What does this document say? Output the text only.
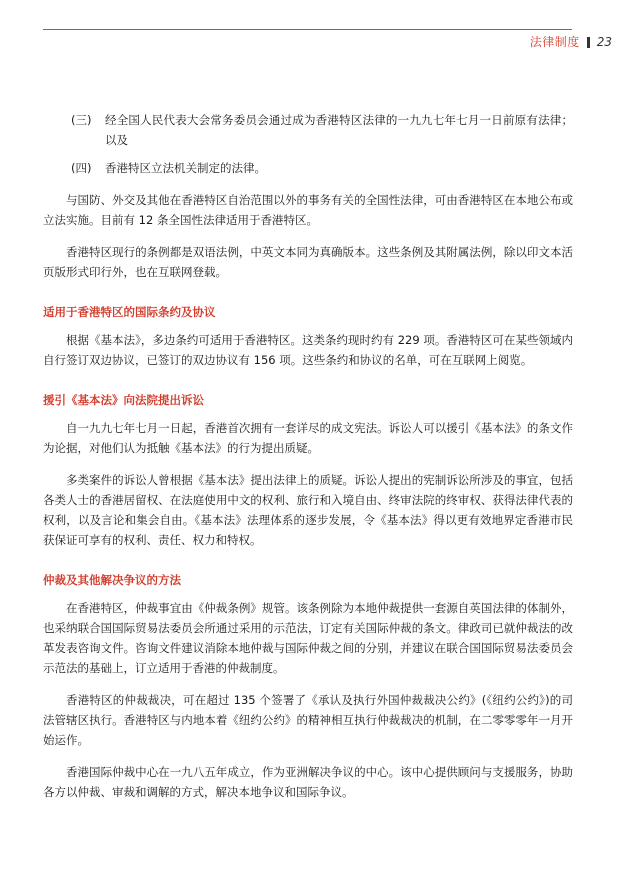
法律制度 23

(三) 经全国人民代表大会常务委员会通过成为香港特区法律的一九九七年七月一日前原有法律；以及

(四) 香港特区立法机关制定的法律。

与国防、外交及其他在香港特区自治范围以外的事务有关的全国性法律，可由香港特区在本地公布或立法实施。目前有 12 条全国性法律适用于香港特区。

香港特区现行的条例都是双语法例，中英文本同为真确版本。这些条例及其附属法例，除以印文本活页版形式印行外，也在互联网登载。

适用于香港特区的国际条约及协议

根据《基本法》，多边条约可适用于香港特区。这类条约现时约有 229 项。香港特区可在某些领域内自行签订双边协议，已签订的双边协议有 156 项。这些条约和协议的名单，可在互联网上阅览。

援引《基本法》向法院提出诉讼

自一九九七年七月一日起，香港首次拥有一套详尽的成文宪法。诉讼人可以援引《基本法》的条文作为论据，对他们认为抵触《基本法》的行为提出质疑。

多类案件的诉讼人曾根据《基本法》提出法律上的质疑。诉讼人提出的宪制诉讼所涉及的事宜，包括各类人士的香港居留权、在法庭使用中文的权利、旅行和入境自由、终审法院的终审权、获得法律代表的权利，以及言论和集会自由。《基本法》法理体系的逐步发展，令《基本法》得以更有效地界定香港市民获保证可享有的权利、责任、权力和特权。

仲裁及其他解决争议的方法

在香港特区，仲裁事宜由《仲裁条例》规管。该条例除为本地仲裁提供一套源自英国法律的体制外，也采纳联合国国际贸易法委员会所通过采用的示范法，订定有关国际仲裁的条文。律政司已就仲裁法的改革发表咨询文件。咨询文件建议消除本地仲裁与国际仲裁之间的分别，并建议在联合国国际贸易法委员会示范法的基础上，订立适用于香港的仲裁制度。

香港特区的仲裁裁决，可在超过 135 个签署了《承认及执行外国仲裁裁决公约》(《纽约公约》)的司法管辖区执行。香港特区与内地本着《纽约公约》的精神相互执行仲裁裁决的机制，在二零零零年一月开始运作。

香港国际仲裁中心在一九八五年成立，作为亚洲解决争议的中心。该中心提供顾问与支援服务，协助各方以仲裁、审裁和调解的方式，解决本地争议和国际争议。
